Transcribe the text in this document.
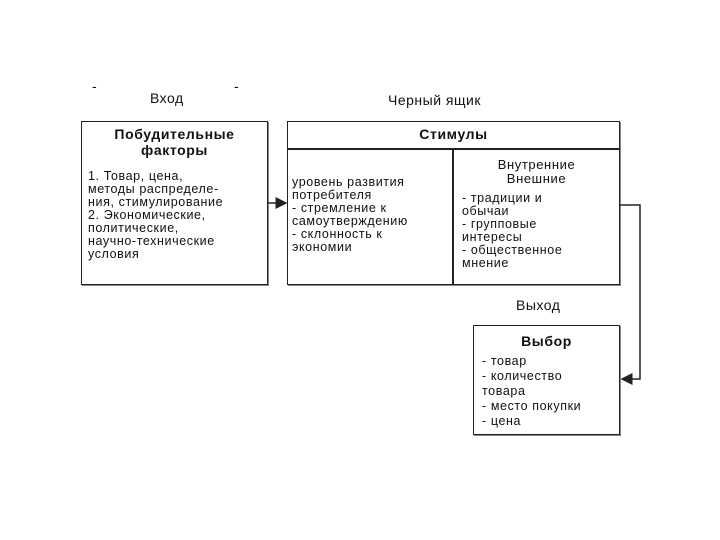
-
Вход
-
Черный ящик
Побудительные
факторы
1. Товар, цена,
методы распределе-
ния, стимулирование
2. Экономические,
политические,
научно-технические
условия
Стимулы
уровень развития
потребителя
- стремление к
самоутверждению
- склонность к
экономии
Внутренние
Внешние
- традиции и
обычаи
- групповые
интересы
- общественное
мнение
Выход
Выбор
- товар
- количество
товара
- место покупки
- цена
